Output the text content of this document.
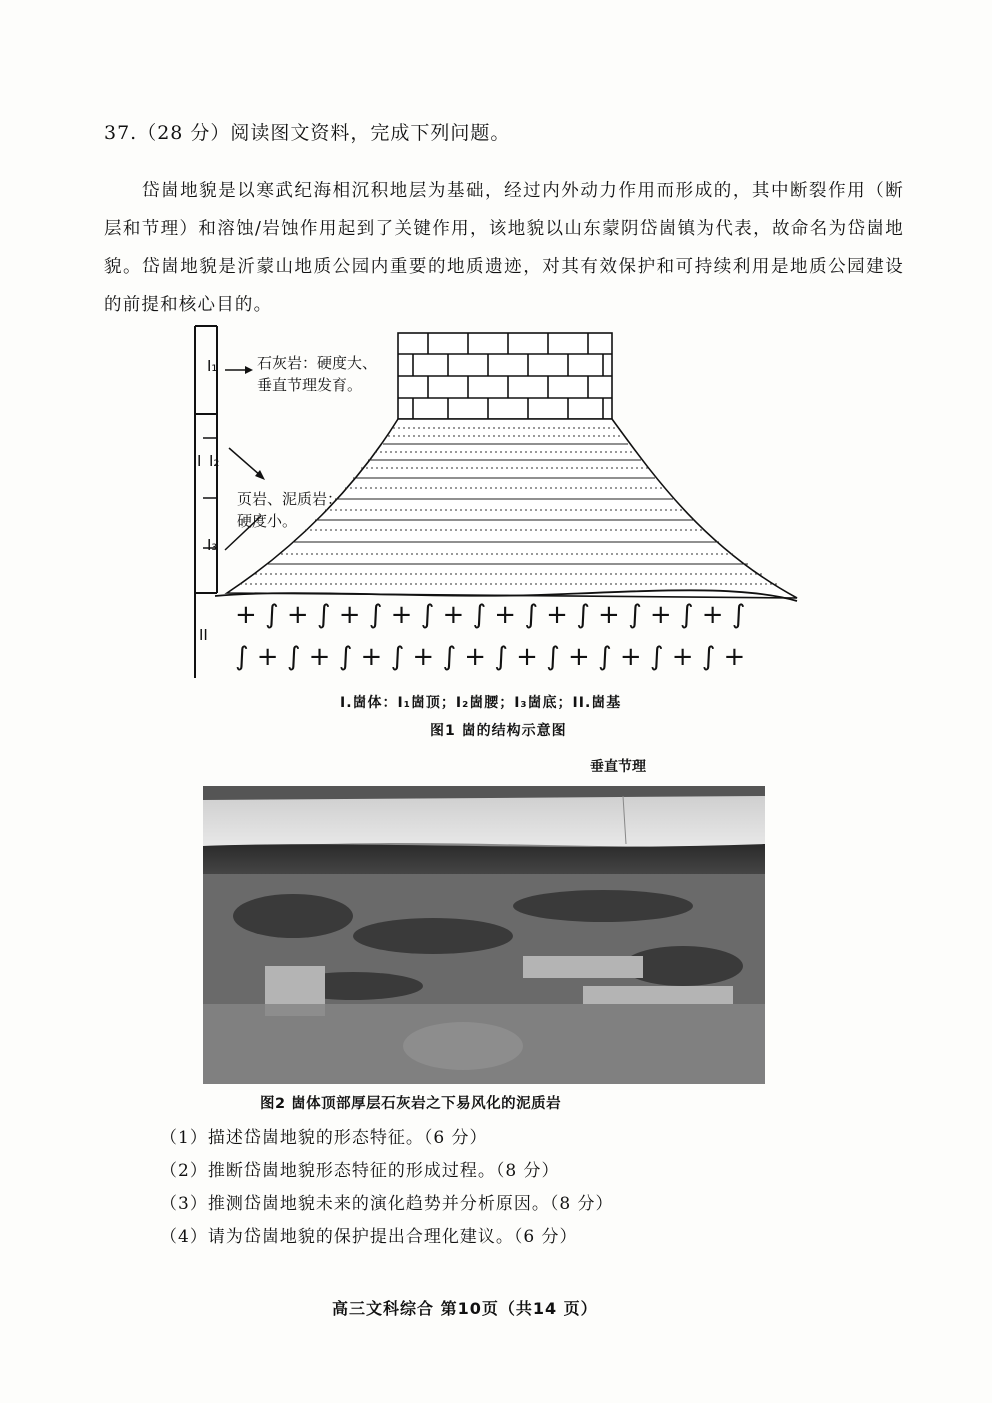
37.（28 分）阅读图文资料，完成下列问题。
岱崮地貌是以寒武纪海相沉积地层为基础，经过内外动力作用而形成的，其中断裂作用（断层和节理）和溶蚀/岩蚀作用起到了关键作用，该地貌以山东蒙阴岱崮镇为代表，故命名为岱崮地貌。岱崮地貌是沂蒙山地质公园内重要的地质遗迹，对其有效保护和可持续利用是地质公园建设的前提和核心目的。
I₁
I I₂
I₃
II
石灰岩：硬度大、
垂直节理发育。
页岩、泥质岩：
硬度小。
+ ∫ + ∫ + ∫ + ∫ + ∫ + ∫ + ∫ + ∫ + ∫ + ∫
∫ + ∫ + ∫ + ∫ + ∫ + ∫ + ∫ + ∫ + ∫ + ∫ +
I.崮体：I₁崮顶；I₂崮腰；I₃崮底；II.崮基
图1 崮的结构示意图
垂直节理
图2 崮体顶部厚层石灰岩之下易风化的泥质岩
（1）描述岱崮地貌的形态特征。（6 分）
（2）推断岱崮地貌形态特征的形成过程。（8 分）
（3）推测岱崮地貌未来的演化趋势并分析原因。（8 分）
（4）请为岱崮地貌的保护提出合理化建议。（6 分）
高三文科综合 第10页（共14 页）
